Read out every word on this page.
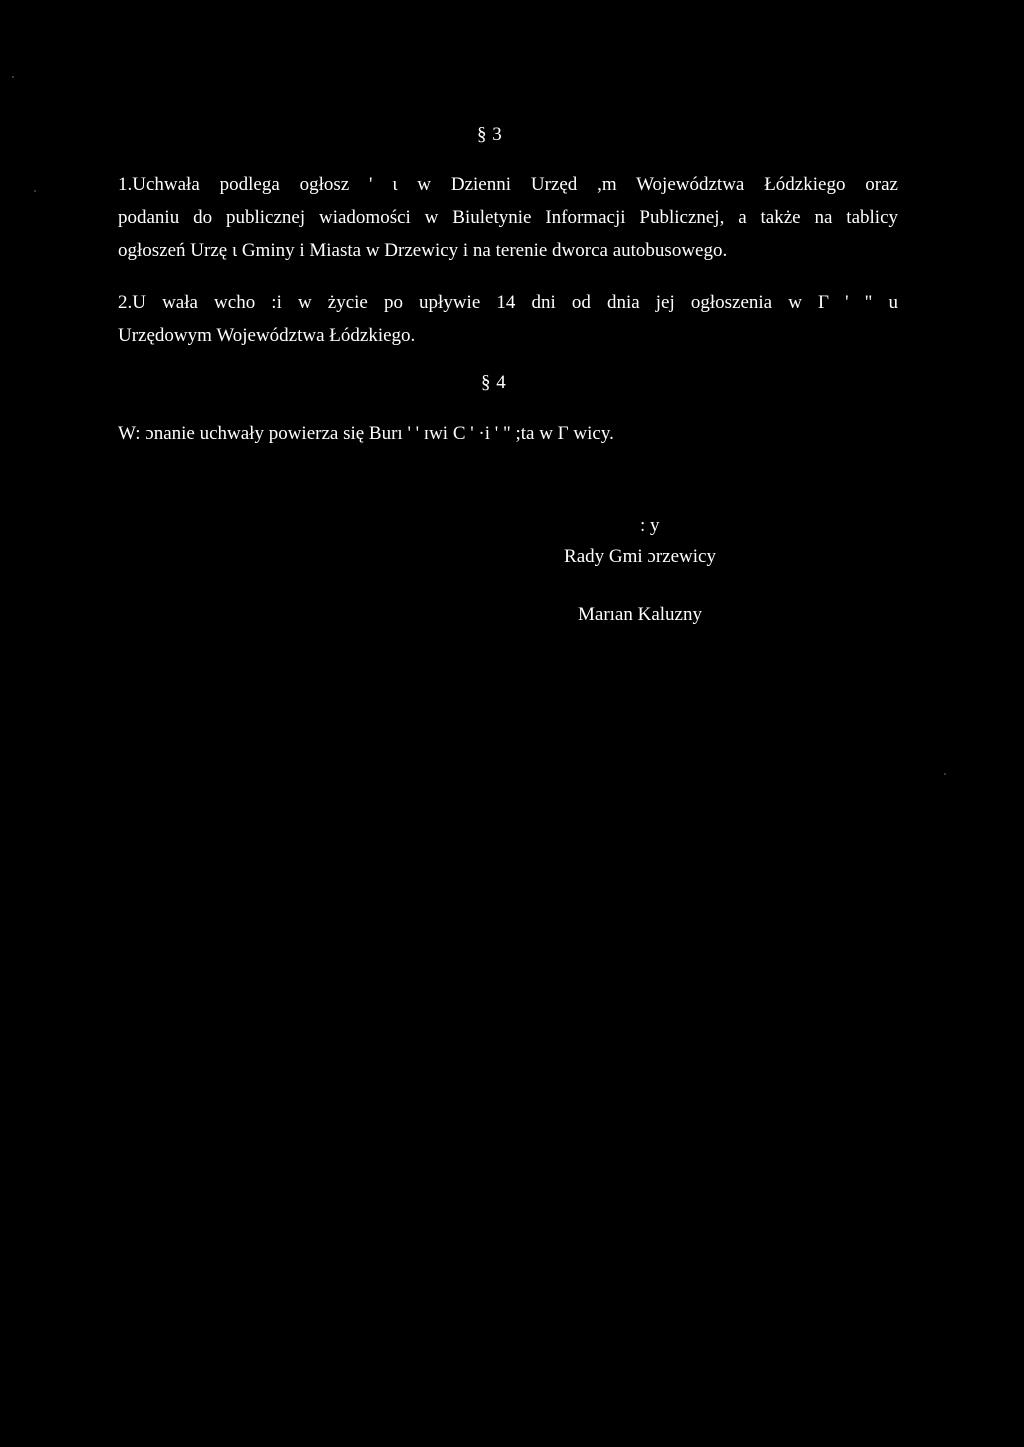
§ 3
1.Uchwała podlega ogłosz ' ι w Dzienni Urzęd ,m Województwa Łódzkiego oraz
podaniu do publicznej wiadomości w Biuletynie Informacji Publicznej, a także na tablicy
ogłoszeń Urzę ι Gminy i Miasta w Drzewicy i na terenie dworca autobusowego.
2.U wała wcho :i w życie po upływie 14 dni od dnia jej ogłoszenia w Γ ' " u
Urzędowym Województwa Łódzkiego.
§ 4
W: ɔnanie uchwały powierza się Burı ' ' ɪwi C ' ·i ' " ;ta w Γ wicy.
: y
Rady Gmi ɔrzewicy
Marıan Kaluzny
